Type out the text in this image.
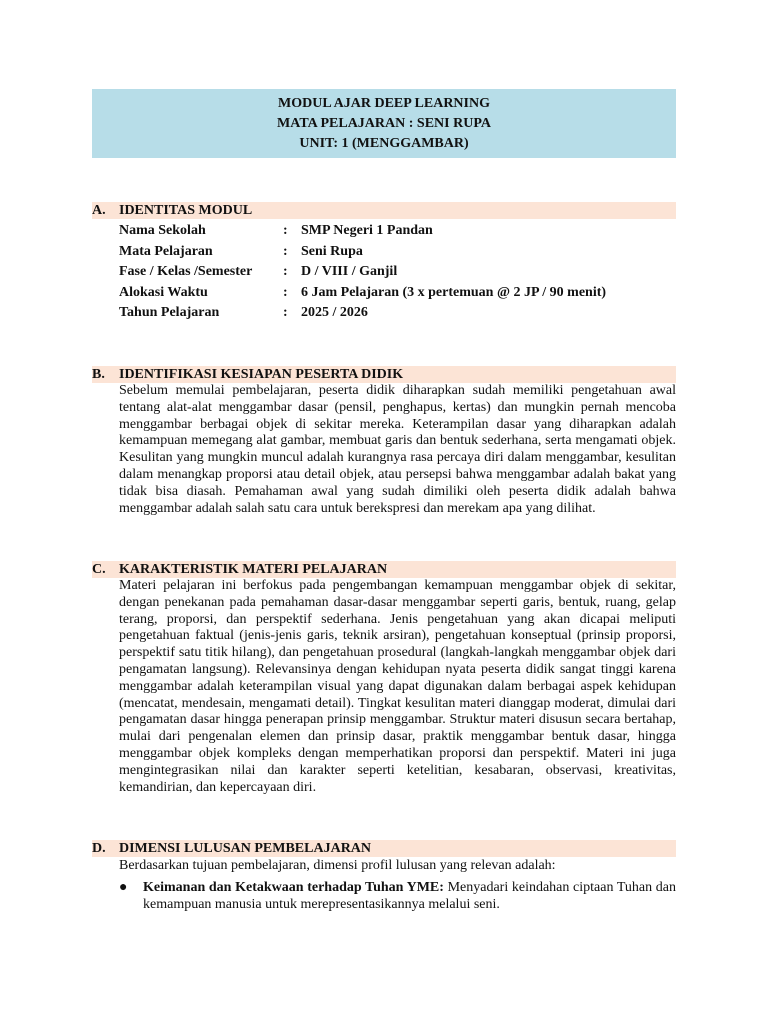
MODUL AJAR DEEP LEARNING
MATA PELAJARAN : SENI RUPA
UNIT: 1 (MENGGAMBAR)
A. IDENTITAS MODUL
Nama Sekolah	: SMP Negeri 1 Pandan
Mata Pelajaran	: Seni Rupa
Fase / Kelas /Semester : D / VIII / Ganjil
Alokasi Waktu	: 6 Jam Pelajaran (3 x pertemuan @ 2 JP / 90 menit)
Tahun Pelajaran	: 2025 / 2026
B. IDENTIFIKASI KESIAPAN PESERTA DIDIK
Sebelum memulai pembelajaran, peserta didik diharapkan sudah memiliki pengetahuan awal tentang alat-alat menggambar dasar (pensil, penghapus, kertas) dan mungkin pernah mencoba menggambar berbagai objek di sekitar mereka. Keterampilan dasar yang diharapkan adalah kemampuan memegang alat gambar, membuat garis dan bentuk sederhana, serta mengamati objek. Kesulitan yang mungkin muncul adalah kurangnya rasa percaya diri dalam menggambar, kesulitan dalam menangkap proporsi atau detail objek, atau persepsi bahwa menggambar adalah bakat yang tidak bisa diasah. Pemahaman awal yang sudah dimiliki oleh peserta didik adalah bahwa menggambar adalah salah satu cara untuk berekspresi dan merekam apa yang dilihat.
C. KARAKTERISTIK MATERI PELAJARAN
Materi pelajaran ini berfokus pada pengembangan kemampuan menggambar objek di sekitar, dengan penekanan pada pemahaman dasar-dasar menggambar seperti garis, bentuk, ruang, gelap terang, proporsi, dan perspektif sederhana. Jenis pengetahuan yang akan dicapai meliputi pengetahuan faktual (jenis-jenis garis, teknik arsiran), pengetahuan konseptual (prinsip proporsi, perspektif satu titik hilang), dan pengetahuan prosedural (langkah-langkah menggambar objek dari pengamatan langsung). Relevansinya dengan kehidupan nyata peserta didik sangat tinggi karena menggambar adalah keterampilan visual yang dapat digunakan dalam berbagai aspek kehidupan (mencatat, mendesain, mengamati detail). Tingkat kesulitan materi dianggap moderat, dimulai dari pengamatan dasar hingga penerapan prinsip menggambar. Struktur materi disusun secara bertahap, mulai dari pengenalan elemen dan prinsip dasar, praktik menggambar bentuk dasar, hingga menggambar objek kompleks dengan memperhatikan proporsi dan perspektif. Materi ini juga mengintegrasikan nilai dan karakter seperti ketelitian, kesabaran, observasi, kreativitas, kemandirian, dan kepercayaan diri.
D. DIMENSI LULUSAN PEMBELAJARAN
Berdasarkan tujuan pembelajaran, dimensi profil lulusan yang relevan adalah:
●	Keimanan dan Ketakwaan terhadap Tuhan YME: Menyadari keindahan ciptaan Tuhan dan kemampuan manusia untuk merepresentasikannya melalui seni.
